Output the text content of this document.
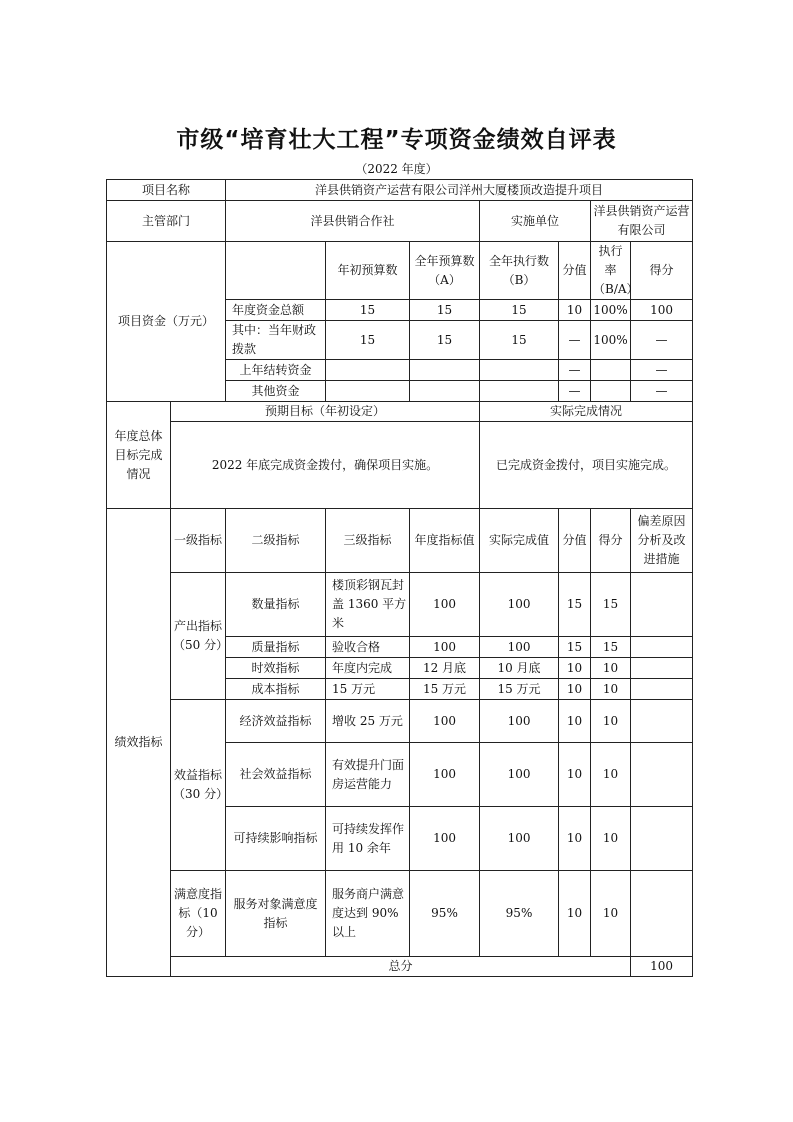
市级“培育壮大工程”专项资金绩效自评表
（2022 年度）
项目名称		洋县供销资产运营有限公司洋州大厦楼顶改造提升项目							
主管部门		洋县供销合作社			实施单位		洋县供销资产运营有限公司		
项目资金（万元）			年初预算数	全年预算数（A）	全年执行数（B）	分值	执行率（B/A）	得分	
		年度资金总额	15	15	15	10	100%	100	
		其中：当年财政拨款	15	15	15	—	100%	—	
		上年结转资金				—		—	
		其他资金				—		—	
年度总体目标完成情况	预期目标（年初设定）				实际完成情况				
	2022 年底完成资金拨付，确保项目实施。				已完成资金拨付，项目实施完成。				
绩效指标	一级指标	二级指标	三级指标	年度指标值	实际完成值	分值	得分	偏差原因分析及改进措施	
	产出指标（50 分）	数量指标	楼顶彩钢瓦封盖 1360 平方米	100	100	15	15		
		质量指标	验收合格	100	100	15	15		
		时效指标	年度内完成	12 月底	10 月底	10	10		
		成本指标	15 万元	15 万元	15 万元	10	10		
	效益指标（30 分）	经济效益指标	增收 25 万元	100	100	10	10		
		社会效益指标	有效提升门面房运营能力	100	100	10	10		
		可持续影响指标	可持续发挥作用 10 余年	100	100	10	10		
	满意度指标（10 分）	服务对象满意度指标	服务商户满意度达到 90%以上	95%	95%	10	10		
	总分							100	
